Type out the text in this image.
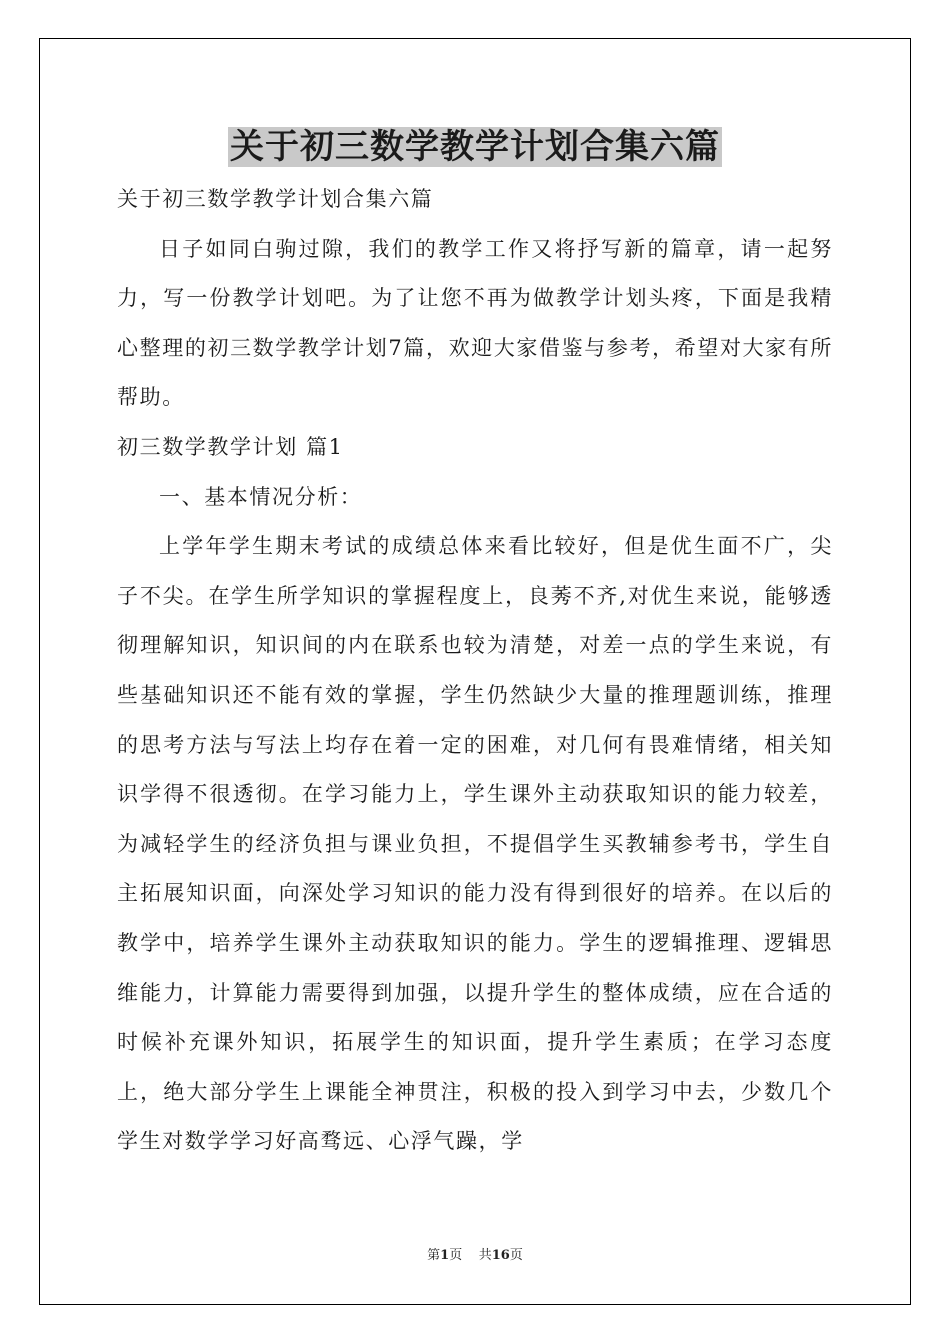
关于初三数学教学计划合集六篇

关于初三数学教学计划合集六篇

日子如同白驹过隙，我们的教学工作又将抒写新的篇章，请一起努力，写一份教学计划吧。为了让您不再为做教学计划头疼，下面是我精心整理的初三数学教学计划7篇，欢迎大家借鉴与参考，希望对大家有所帮助。

初三数学教学计划 篇1

一、基本情况分析：

上学年学生期末考试的成绩总体来看比较好，但是优生面不广，尖子不尖。在学生所学知识的掌握程度上，良莠不齐,对优生来说，能够透彻理解知识，知识间的内在联系也较为清楚，对差一点的学生来说，有些基础知识还不能有效的掌握，学生仍然缺少大量的推理题训练，推理的思考方法与写法上均存在着一定的困难，对几何有畏难情绪，相关知识学得不很透彻。在学习能力上，学生课外主动获取知识的能力较差，为减轻学生的经济负担与课业负担，不提倡学生买教辅参考书，学生自主拓展知识面，向深处学习知识的能力没有得到很好的培养。在以后的教学中，培养学生课外主动获取知识的能力。学生的逻辑推理、逻辑思维能力，计算能力需要得到加强，以提升学生的整体成绩，应在合适的时候补充课外知识，拓展学生的知识面，提升学生素质；在学习态度上，绝大部分学生上课能全神贯注，积极的投入到学习中去，少数几个学生对数学学习好高骛远、心浮气躁，学

第1页    共16页
